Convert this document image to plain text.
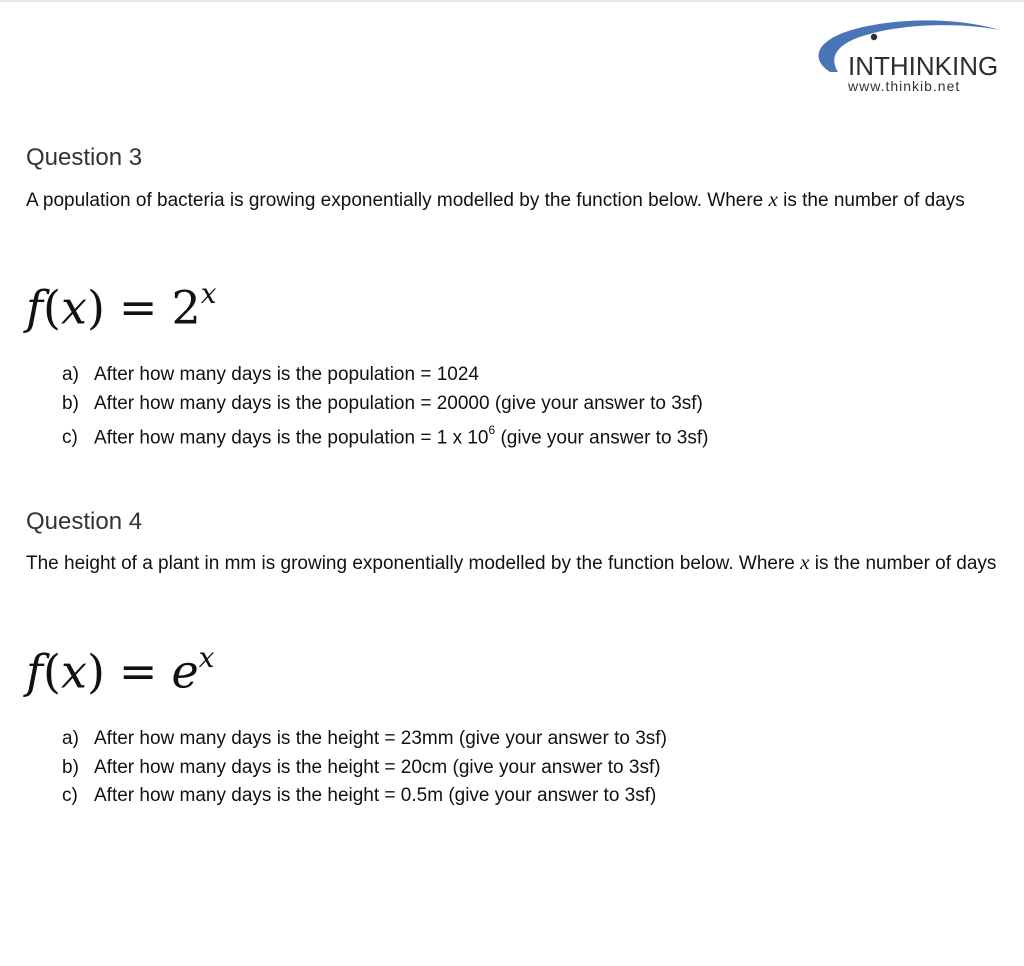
INTHINKING
www.thinkib.net
Question 3
A population of bacteria is growing exponentially modelled by the function below. Where x is the number of days
$f(x) = 2^x$
a) After how many days is the population = 1024
b) After how many days is the population = 20000 (give your answer to 3sf)
c) After how many days is the population = 1 x $10^6$ (give your answer to 3sf)
Question 4
The height of a plant in mm is growing exponentially modelled by the function below. Where x is the number of days
$f(x) = e^x$
a) After how many days is the height = 23mm (give your answer to 3sf)
b) After how many days is the height = 20cm (give your answer to 3sf)
c) After how many days is the height = 0.5m (give your answer to 3sf)
